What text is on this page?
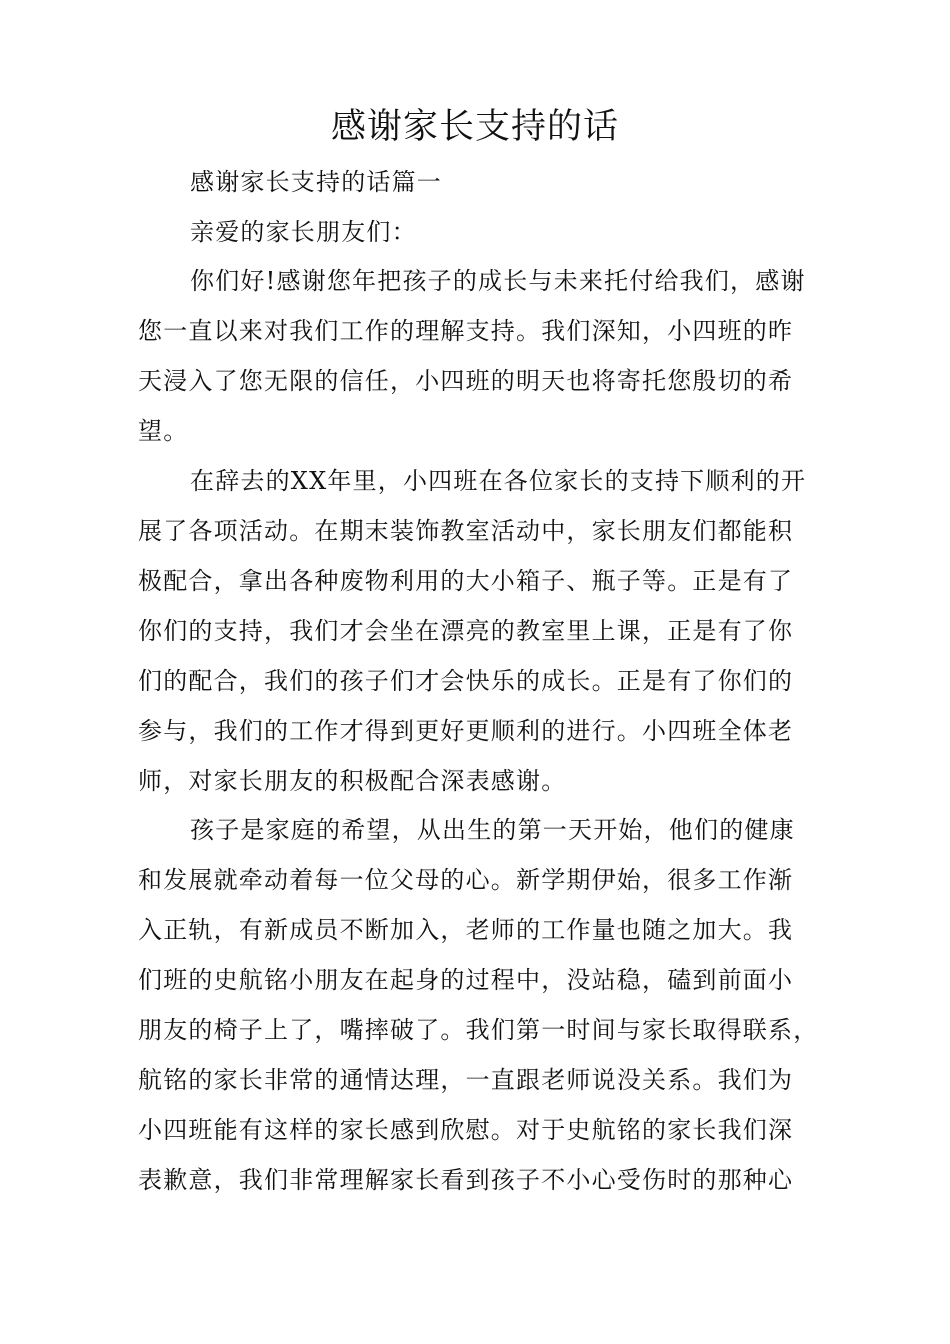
感谢家长支持的话
感谢家长支持的话篇一
亲爱的家长朋友们：
你们好!感谢您年把孩子的成长与未来托付给我们，感谢
您一直以来对我们工作的理解支持。我们深知，小四班的昨
天浸入了您无限的信任，小四班的明天也将寄托您殷切的希
望。
在辞去的XX年里，小四班在各位家长的支持下顺利的开
展了各项活动。在期末装饰教室活动中，家长朋友们都能积
极配合，拿出各种废物利用的大小箱子、瓶子等。正是有了
你们的支持，我们才会坐在漂亮的教室里上课，正是有了你
们的配合，我们的孩子们才会快乐的成长。正是有了你们的
参与，我们的工作才得到更好更顺利的进行。小四班全体老
师，对家长朋友的积极配合深表感谢。
孩子是家庭的希望，从出生的第一天开始，他们的健康
和发展就牵动着每一位父母的心。新学期伊始，很多工作渐
入正轨，有新成员不断加入，老师的工作量也随之加大。我
们班的史航铭小朋友在起身的过程中，没站稳，磕到前面小
朋友的椅子上了，嘴摔破了。我们第一时间与家长取得联系，
航铭的家长非常的通情达理，一直跟老师说没关系。我们为
小四班能有这样的家长感到欣慰。对于史航铭的家长我们深
表歉意，我们非常理解家长看到孩子不小心受伤时的那种心
